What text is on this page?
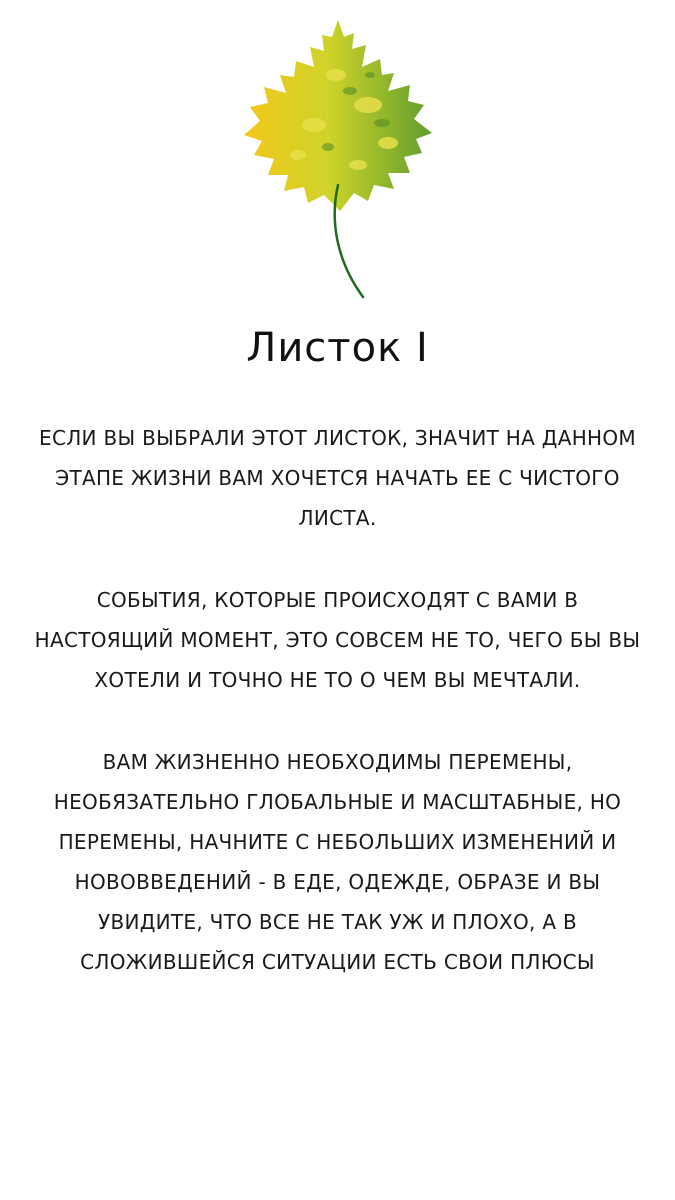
Листок I

ЕСЛИ ВЫ ВЫБРАЛИ ЭТОТ ЛИСТОК, ЗНАЧИТ НА ДАННОМ ЭТАПЕ ЖИЗНИ ВАМ ХОЧЕТСЯ НАЧАТЬ ЕЕ С ЧИСТОГО ЛИСТА.

СОБЫТИЯ, КОТОРЫЕ ПРОИСХОДЯТ С ВАМИ В НАСТОЯЩИЙ МОМЕНТ, ЭТО СОВСЕМ НЕ ТО, ЧЕГО БЫ ВЫ ХОТЕЛИ И ТОЧНО НЕ ТО О ЧЕМ ВЫ МЕЧТАЛИ.

ВАМ ЖИЗНЕННО НЕОБХОДИМЫ ПЕРЕМЕНЫ, НЕОБЯЗАТЕЛЬНО ГЛОБАЛЬНЫЕ И МАСШТАБНЫЕ, НО ПЕРЕМЕНЫ, НАЧНИТЕ С НЕБОЛЬШИХ ИЗМЕНЕНИЙ И НОВОВВЕДЕНИЙ - В ЕДЕ, ОДЕЖДЕ, ОБРАЗЕ И ВЫ УВИДИТЕ, ЧТО ВСЕ НЕ ТАК УЖ И ПЛОХО, А В СЛОЖИВШЕЙСЯ СИТУАЦИИ ЕСТЬ СВОИ ПЛЮСЫ
